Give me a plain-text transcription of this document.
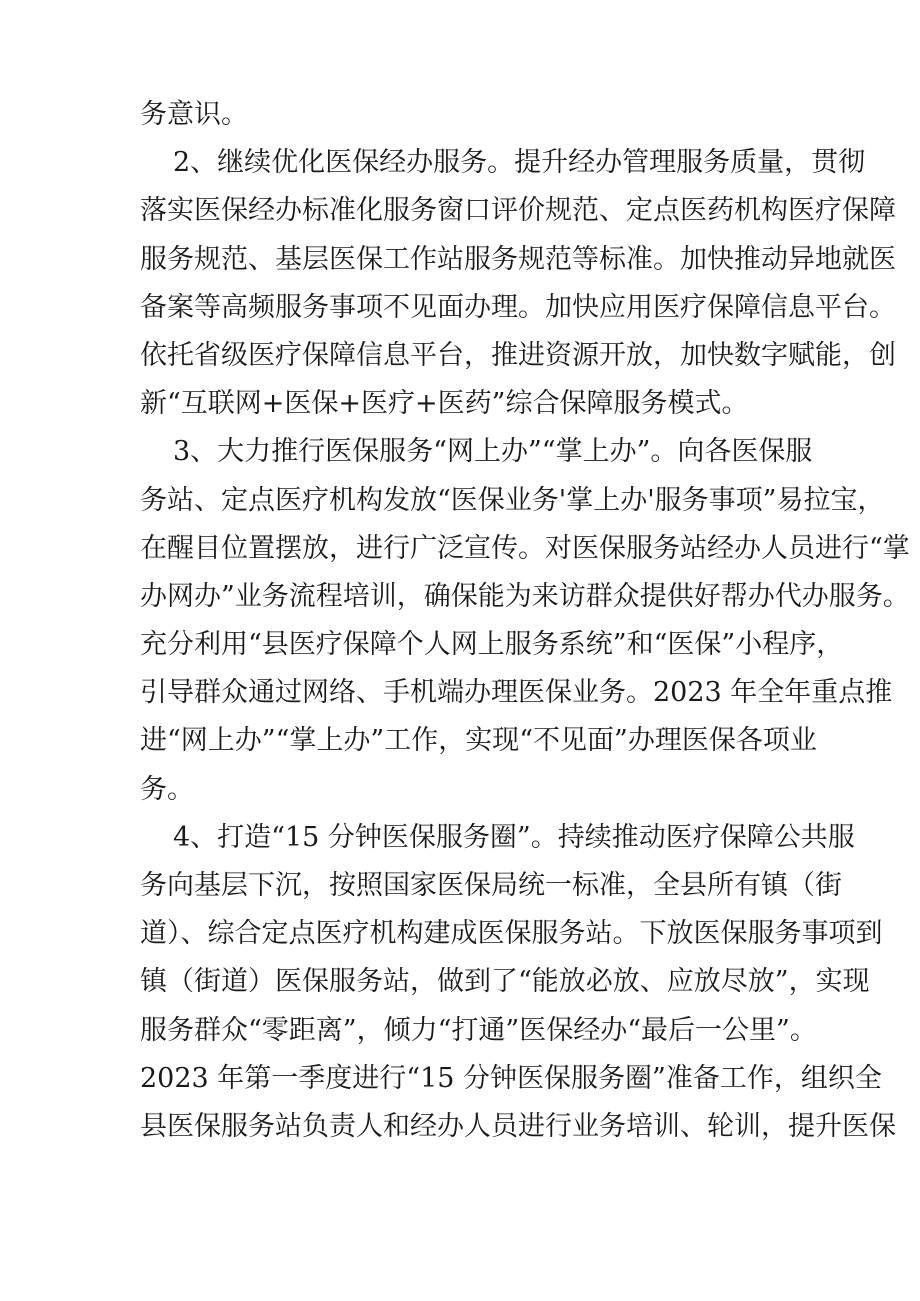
务意识。
2、继续优化医保经办服务。提升经办管理服务质量，贯彻
落实医保经办标准化服务窗口评价规范、定点医药机构医疗保障
服务规范、基层医保工作站服务规范等标准。加快推动异地就医
备案等高频服务事项不见面办理。加快应用医疗保障信息平台。
依托省级医疗保障信息平台，推进资源开放，加快数字赋能，创
新“互联网+医保+医疗+医药”综合保障服务模式。
3、大力推行医保服务“网上办”“掌上办”。向各医保服
务站、定点医疗机构发放“医保业务'掌上办'服务事项”易拉宝，
在醒目位置摆放，进行广泛宣传。对医保服务站经办人员进行“掌
办网办”业务流程培训，确保能为来访群众提供好帮办代办服务。
充分利用“县医疗保障个人网上服务系统”和“医保”小程序，
引导群众通过网络、手机端办理医保业务。2023 年全年重点推
进“网上办”“掌上办”工作，实现“不见面”办理医保各项业
务。
4、打造“15 分钟医保服务圈”。持续推动医疗保障公共服
务向基层下沉，按照国家医保局统一标准，全县所有镇（街
道）、综合定点医疗机构建成医保服务站。下放医保服务事项到
镇（街道）医保服务站，做到了“能放必放、应放尽放”，实现
服务群众“零距离”，倾力“打通”医保经办“最后一公里”。
2023 年第一季度进行“15 分钟医保服务圈”准备工作，组织全
县医保服务站负责人和经办人员进行业务培训、轮训，提升医保
